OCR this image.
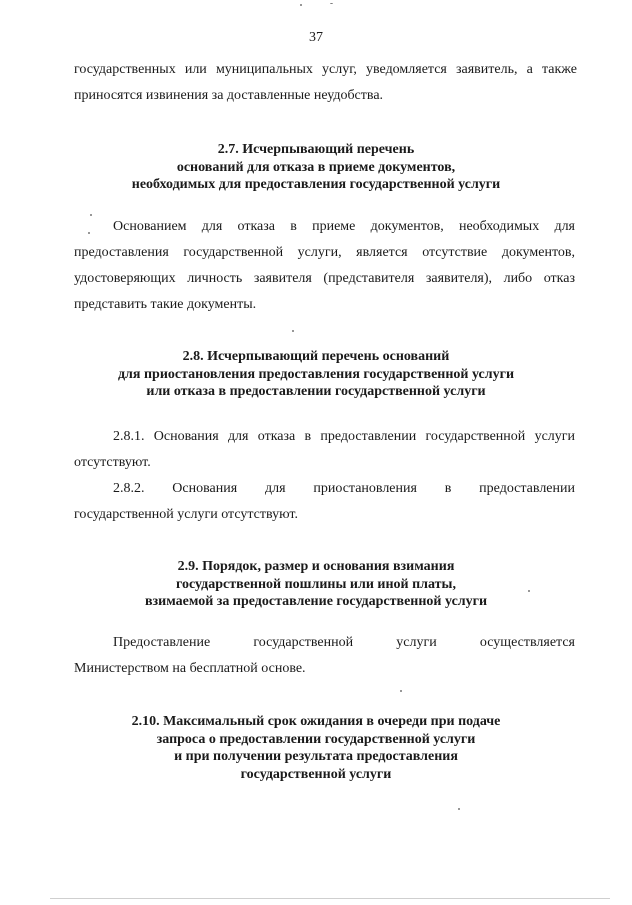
37
государственных или муниципальных услуг, уведомляется заявитель, а также
приносятся извинения за доставленные неудобства.
2.7. Исчерпывающий перечень
оснований для отказа в приеме документов,
необходимых для предоставления государственной услуги
Основанием для отказа в приеме документов, необходимых для
предоставления государственной услуги, является отсутствие документов,
удостоверяющих личность заявителя (представителя заявителя), либо отказ
представить такие документы.
2.8. Исчерпывающий перечень оснований
для приостановления предоставления государственной услуги
или отказа в предоставлении государственной услуги
2.8.1. Основания для отказа в предоставлении государственной услуги
отсутствуют.
2.8.2. Основания для приостановления в предоставлении
государственной услуги отсутствуют.
2.9. Порядок, размер и основания взимания
государственной пошлины или иной платы,
взимаемой за предоставление государственной услуги
Предоставление государственной услуги осуществляется
Министерством на бесплатной основе.
2.10. Максимальный срок ожидания в очереди при подаче
запроса о предоставлении государственной услуги
и при получении результата предоставления
государственной услуги
